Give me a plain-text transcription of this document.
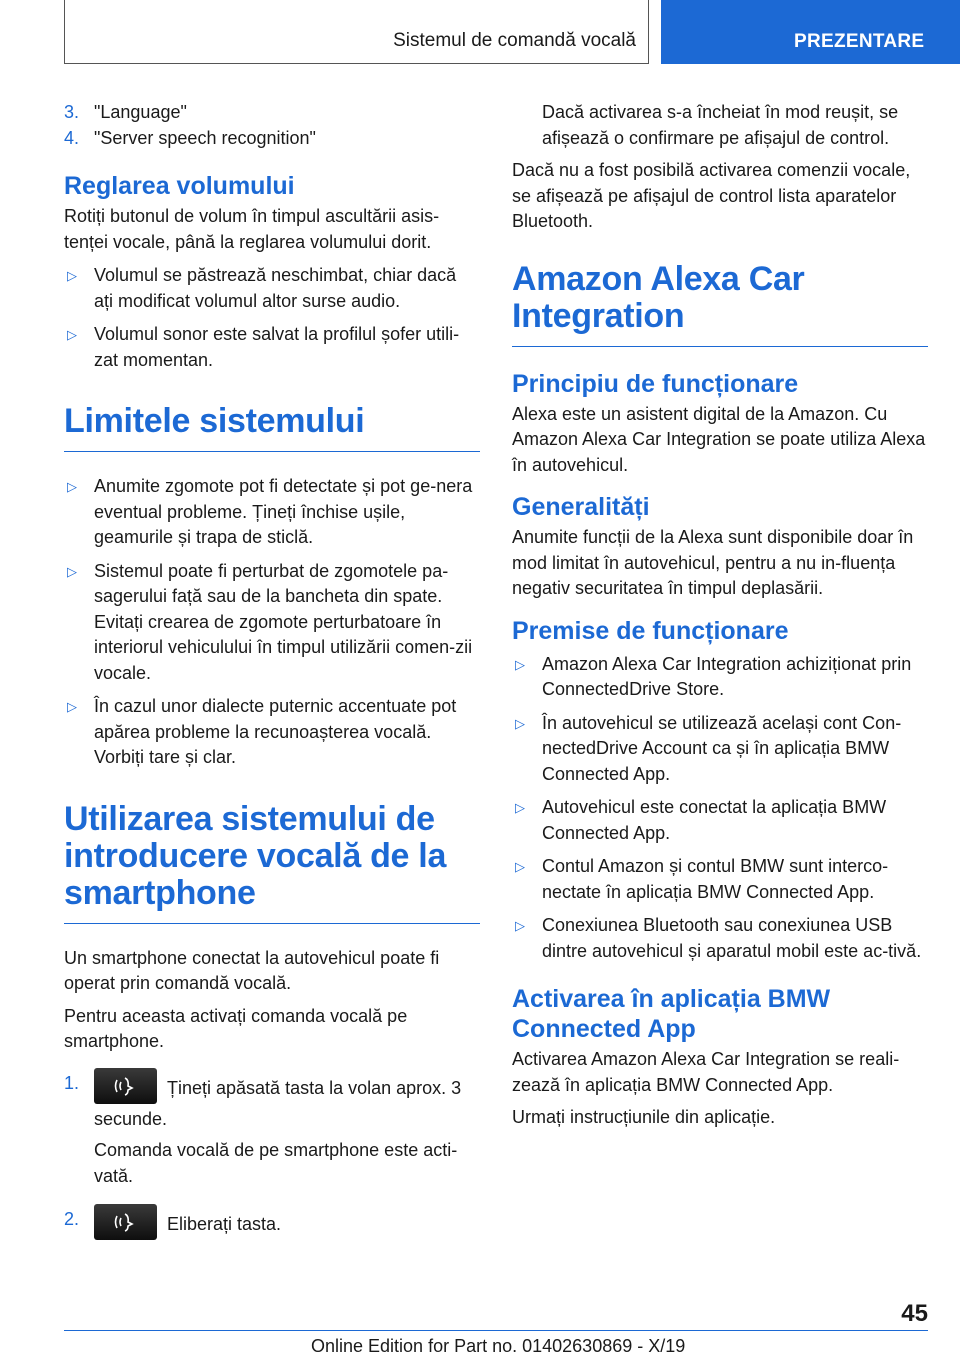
Sistemul de comandă vocală	PREZENTARE
3. "Language"
4. "Server speech recognition"
Reglarea volumului

Rotiți butonul de volum în timpul ascultării asis-tenței vocale, până la reglarea volumului dorit.

▷ Volumul se păstrează neschimbat, chiar dacă ați modificat volumul altor surse audio.
▷ Volumul sonor este salvat la profilul șofer utili-zat momentan.
Limitele sistemului
▷ Anumite zgomote pot fi detectate și pot ge-nera eventual probleme. Țineți închise ușile, geamurile și trapa de sticlă.
▷ Sistemul poate fi perturbat de zgomotele pa-sagerului față sau de la bancheta din spate. Evitați crearea de zgomote perturbatoare în interiorul vehiculului în timpul utilizării comen-zii vocale.
▷ În cazul unor dialecte puternic accentuate pot apărea probleme la recunoașterea vocală. Vorbiți tare și clar.
Utilizarea sistemului de introducere vocală de la smartphone

Un smartphone conectat la autovehicul poate fi operat prin comandă vocală.

Pentru aceasta activați comanda vocală pe smartphone.

1.	Țineți apăsată tasta la volan aprox. 3 secunde.

Comanda vocală de pe smartphone este acti-vată.

2.	Eliberați tasta.

Dacă activarea s-a încheiat în mod reușit, se afișează o confirmare pe afișajul de control.

Dacă nu a fost posibilă activarea comenzii vocale, se afișează pe afișajul de control lista aparatelor Bluetooth.

Amazon Alexa Car Integration
Principiu de funcționare

Alexa este un asistent digital de la Amazon. Cu Amazon Alexa Car Integration se poate utiliza Alexa în autovehicul.

Generalități

Anumite funcții de la Alexa sunt disponibile doar în mod limitat în autovehicul, pentru a nu in-fluența negativ securitatea în timpul deplasării.

Premise de funcționare
▷ Amazon Alexa Car Integration achiziționat prin ConnectedDrive Store.
▷ În autovehicul se utilizează același cont Con-nectedDrive Account ca și în aplicația BMW Connected App.
▷ Autovehicul este conectat la aplicația BMW Connected App.
▷ Contul Amazon și contul BMW sunt interco-nectate în aplicația BMW Connected App.
▷ Conexiunea Bluetooth sau conexiunea USB dintre autovehicul și aparatul mobil este ac-tivă.
Activarea în aplicația BMW Connected App

Activarea Amazon Alexa Car Integration se reali-zează în aplicația BMW Connected App.

Urmați instrucțiunile din aplicație.

45
Online Edition for Part no. 01402630869 - X/19
